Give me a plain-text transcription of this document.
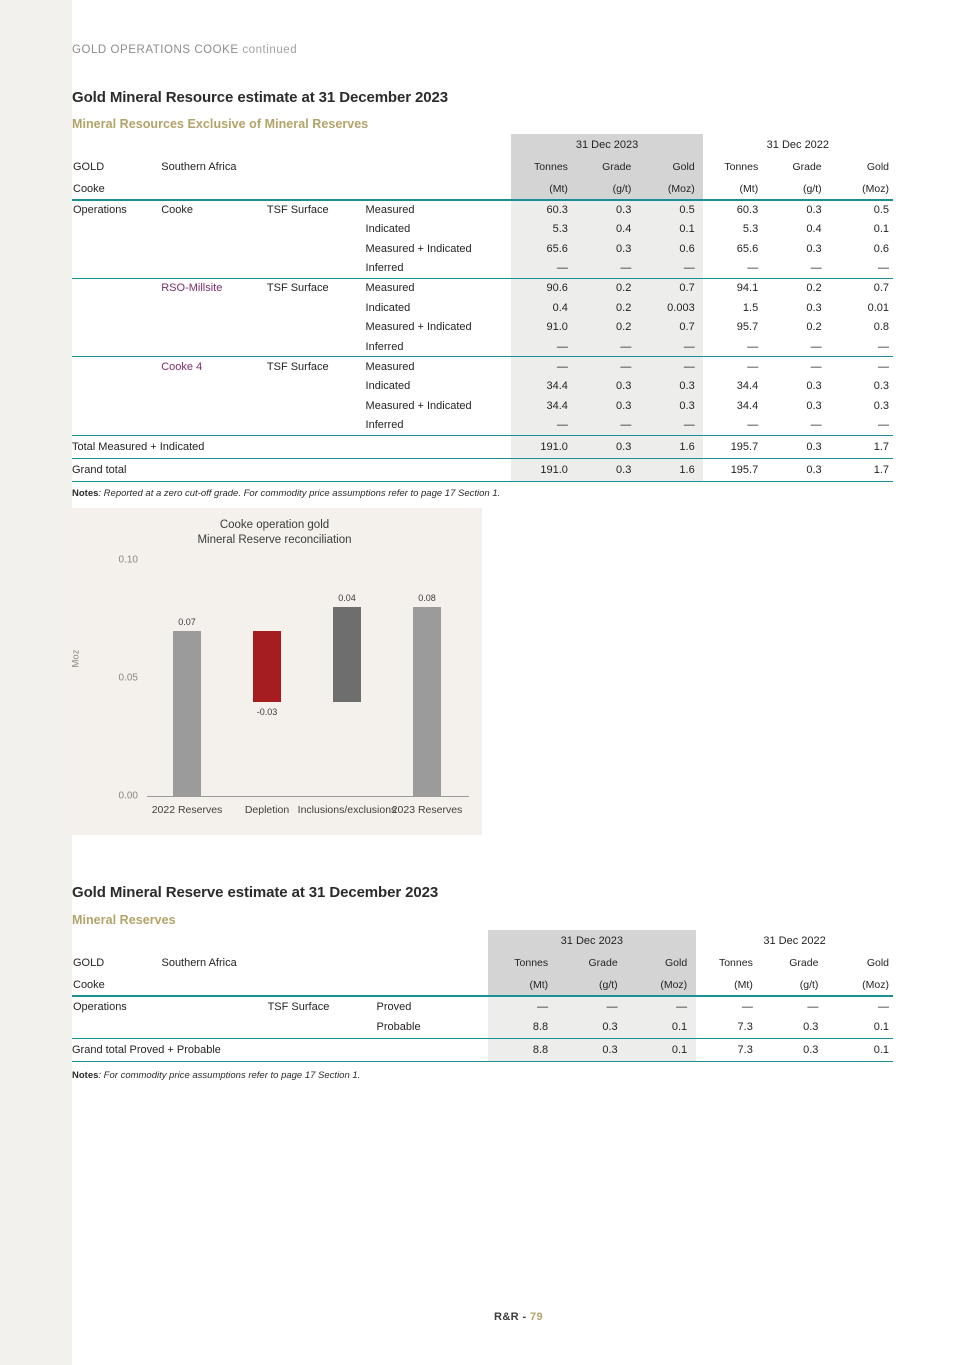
GOLD OPERATIONS COOKE continued
Gold Mineral Resource estimate at 31 December 2023
Mineral Resources Exclusive of Mineral Reserves
				31 Dec 2023			31 Dec 2022		
GOLD	Southern Africa			Tonnes	Grade	Gold	Tonnes	Grade	Gold
Cooke				(Mt)	(g/t)	(Moz)	(Mt)	(g/t)	(Moz)
Operations	Cooke	TSF Surface	Measured	60.3	0.3	0.5	60.3	0.3	0.5
			Indicated	5.3	0.4	0.1	5.3	0.4	0.1
			Measured + Indicated	65.6	0.3	0.6	65.6	0.3	0.6
			Inferred	—	—	—	—	—	—
	RSO-Millsite	TSF Surface	Measured	90.6	0.2	0.7	94.1	0.2	0.7
			Indicated	0.4	0.2	0.003	1.5	0.3	0.01
			Measured + Indicated	91.0	0.2	0.7	95.7	0.2	0.8
			Inferred	—	—	—	—	—	—
	Cooke 4	TSF Surface	Measured	—	—	—	—	—	—
			Indicated	34.4	0.3	0.3	34.4	0.3	0.3
			Measured + Indicated	34.4	0.3	0.3	34.4	0.3	0.3
			Inferred	—	—	—	—	—	—
Total Measured + Indicated				191.0	0.3	1.6	195.7	0.3	1.7
Grand total				191.0	0.3	1.6	195.7	0.3	1.7

Notes: Reported at a zero cut-off grade. For commodity price assumptions refer to page 17 Section 1.
Cooke operation gold
Mineral Reserve reconciliation
Moz
0.00
0.05
0.10
0.07
-0.03
0.04	0.08
2022 Reserves	Depletion Inclusions/exclusions
2023 Reserves
Gold Mineral Reserve estimate at 31 December 2023
Mineral Reserves
				31 Dec 2023			31 Dec 2022		
GOLD	Southern Africa			Tonnes	Grade	Gold	Tonnes	Grade	Gold
Cooke				(Mt)	(g/t)	(Moz)	(Mt)	(g/t)	(Moz)
Operations		TSF Surface	Proved	—	—	—	—	—	—
			Probable	8.8	0.3	0.1	7.3	0.3	0.1
Grand total Proved + Probable				8.8	0.3	0.1	7.3	0.3	0.1

Notes: For commodity price assumptions refer to page 17 Section 1.
R&R - 79
